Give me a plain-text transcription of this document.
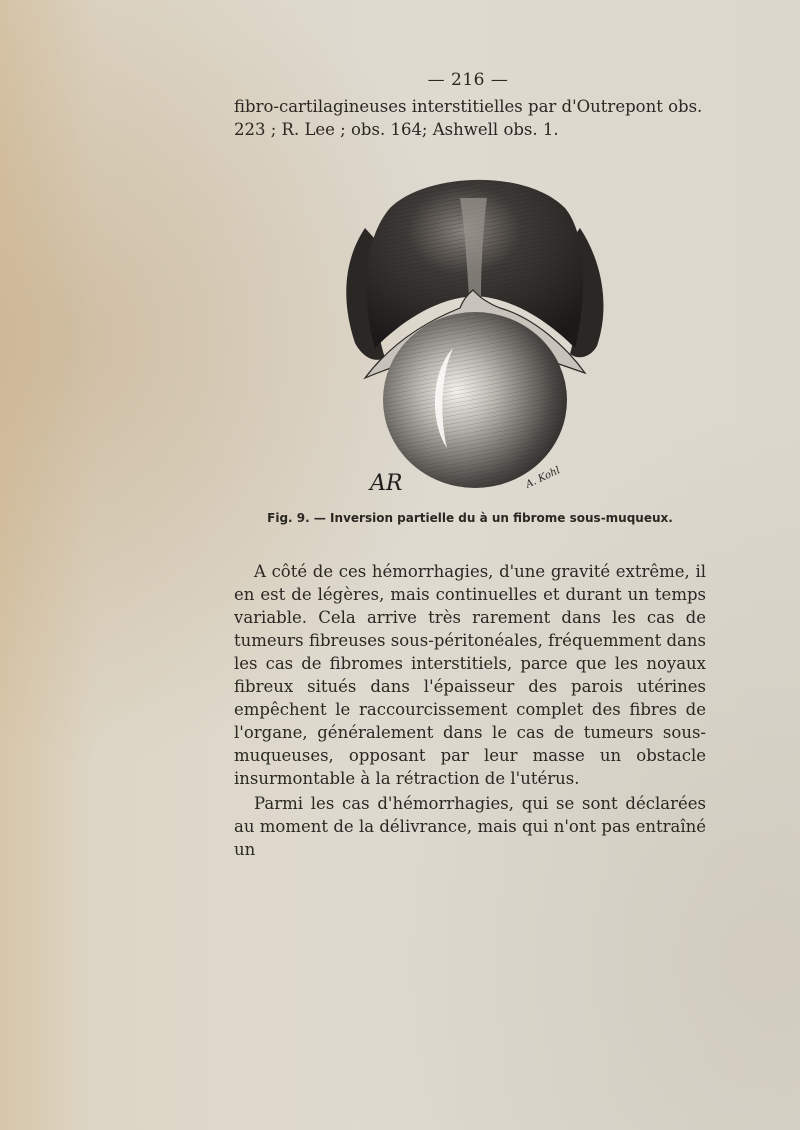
— 216 —

fibro-cartilagineuses interstitielles par d'Outrepont obs.

223 ; R. Lee ; obs. 164; Ashwell obs. 1.

AR	A. Kohl
Fig. 9. — Inversion partielle du à un fibrome sous-muqueux.

A côté de ces hémorrhagies, d'une gravité extrême, il en est de légères, mais continuelles et durant un temps variable. Cela arrive très rarement dans les cas de tumeurs fibreuses sous-péritonéales, fréquemment dans les cas de fibromes interstitiels, parce que les noyaux fibreux situés dans l'épaisseur des parois utérines empêchent le raccourcissement complet des fibres de l'organe, généralement dans le cas de tumeurs sous-muqueuses, opposant par leur masse un obstacle insurmontable à la rétraction de l'utérus.

Parmi les cas d'hémorrhagies, qui se sont déclarées au moment de la délivrance, mais qui n'ont pas entraîné un
